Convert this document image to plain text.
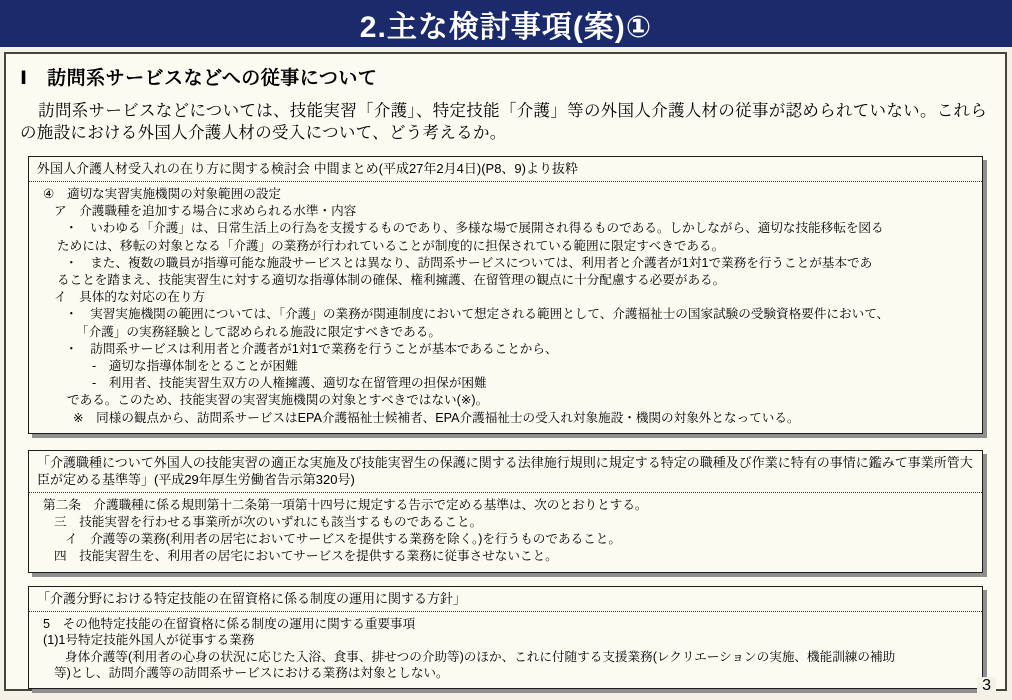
2.主な検討事項(案)①
Ⅰ　訪問系サービスなどへの従事について

訪問系サービスなどについては、技能実習「介護」、特定技能「介護」等の外国人介護人材の従事が認められていない。これらの施設における外国人介護人材の受入について、どう考えるか。

外国人介護人材受入れの在り方に関する検討会 中間まとめ(平成27年2月4日)(P8、9)より抜粋
④　適切な実習実施機関の対象範囲の設定
ア　介護職種を追加する場合に求められる水準・内容
・　いわゆる「介護」は、日常生活上の行為を支援するものであり、多様な場で展開され得るものである。しかしながら、適切な技能移転を図る
ためには、移転の対象となる「介護」の業務が行われていることが制度的に担保されている範囲に限定すべきである。
・　また、複数の職員が指導可能な施設サービスとは異なり、訪問系サービスについては、利用者と介護者が1対1で業務を行うことが基本であ
ることを踏まえ、技能実習生に対する適切な指導体制の確保、権利擁護、在留管理の観点に十分配慮する必要がある。
イ　具体的な対応の在り方
・　実習実施機関の範囲については、「介護」の業務が関連制度において想定される範囲として、介護福祉士の国家試験の受験資格要件において、
「介護」の実務経験として認められる施設に限定すべきである。
・　訪問系サービスは利用者と介護者が1対1で業務を行うことが基本であることから、
-　適切な指導体制をとることが困難
-　利用者、技能実習生双方の人権擁護、適切な在留管理の担保が困難
である。このため、技能実習の実習実施機関の対象とすべきではない(※)。
※　同様の観点から、訪問系サービスはEPA介護福祉士候補者、EPA介護福祉士の受入れ対象施設・機関の対象外となっている。
「介護職種について外国人の技能実習の適正な実施及び技能実習生の保護に関する法律施行規則に規定する特定の職種及び作業に特有の事情に鑑みて事業所管大臣が定める基準等」(平成29年厚生労働省告示第320号)
第二条　介護職種に係る規則第十二条第一項第十四号に規定する告示で定める基準は、次のとおりとする。
三　技能実習を行わせる事業所が次のいずれにも該当するものであること。
イ　介護等の業務(利用者の居宅においてサービスを提供する業務を除く。)を行うものであること。
四　技能実習生を、利用者の居宅においてサービスを提供する業務に従事させないこと。
「介護分野における特定技能の在留資格に係る制度の運用に関する方針」
5　その他特定技能の在留資格に係る制度の運用に関する重要事項
(1)1号特定技能外国人が従事する業務
身体介護等(利用者の心身の状況に応じた入浴、食事、排せつの介助等)のほか、これに付随する支援業務(レクリエーションの実施、機能訓練の補助
等)とし、訪問介護等の訪問系サービスにおける業務は対象としない。
3
